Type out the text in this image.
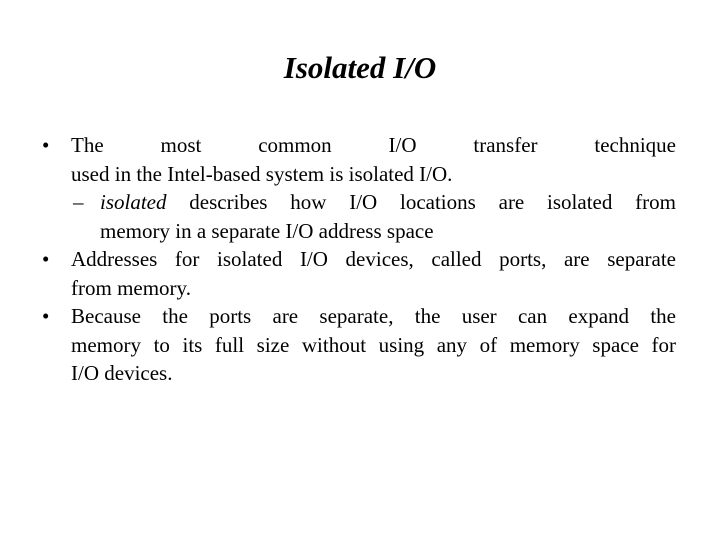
Isolated I/O
•	The most common I/O transfer technique
used in the Intel-based system is isolated I/O.
– isolated describes how I/O locations are isolated from
memory in a separate I/O address space
•	Addresses for isolated I/O devices, called ports, are separate
from memory.
•	Because the ports are separate, the user can expand the
memory to its full size without using any of memory space for
I/O devices.
